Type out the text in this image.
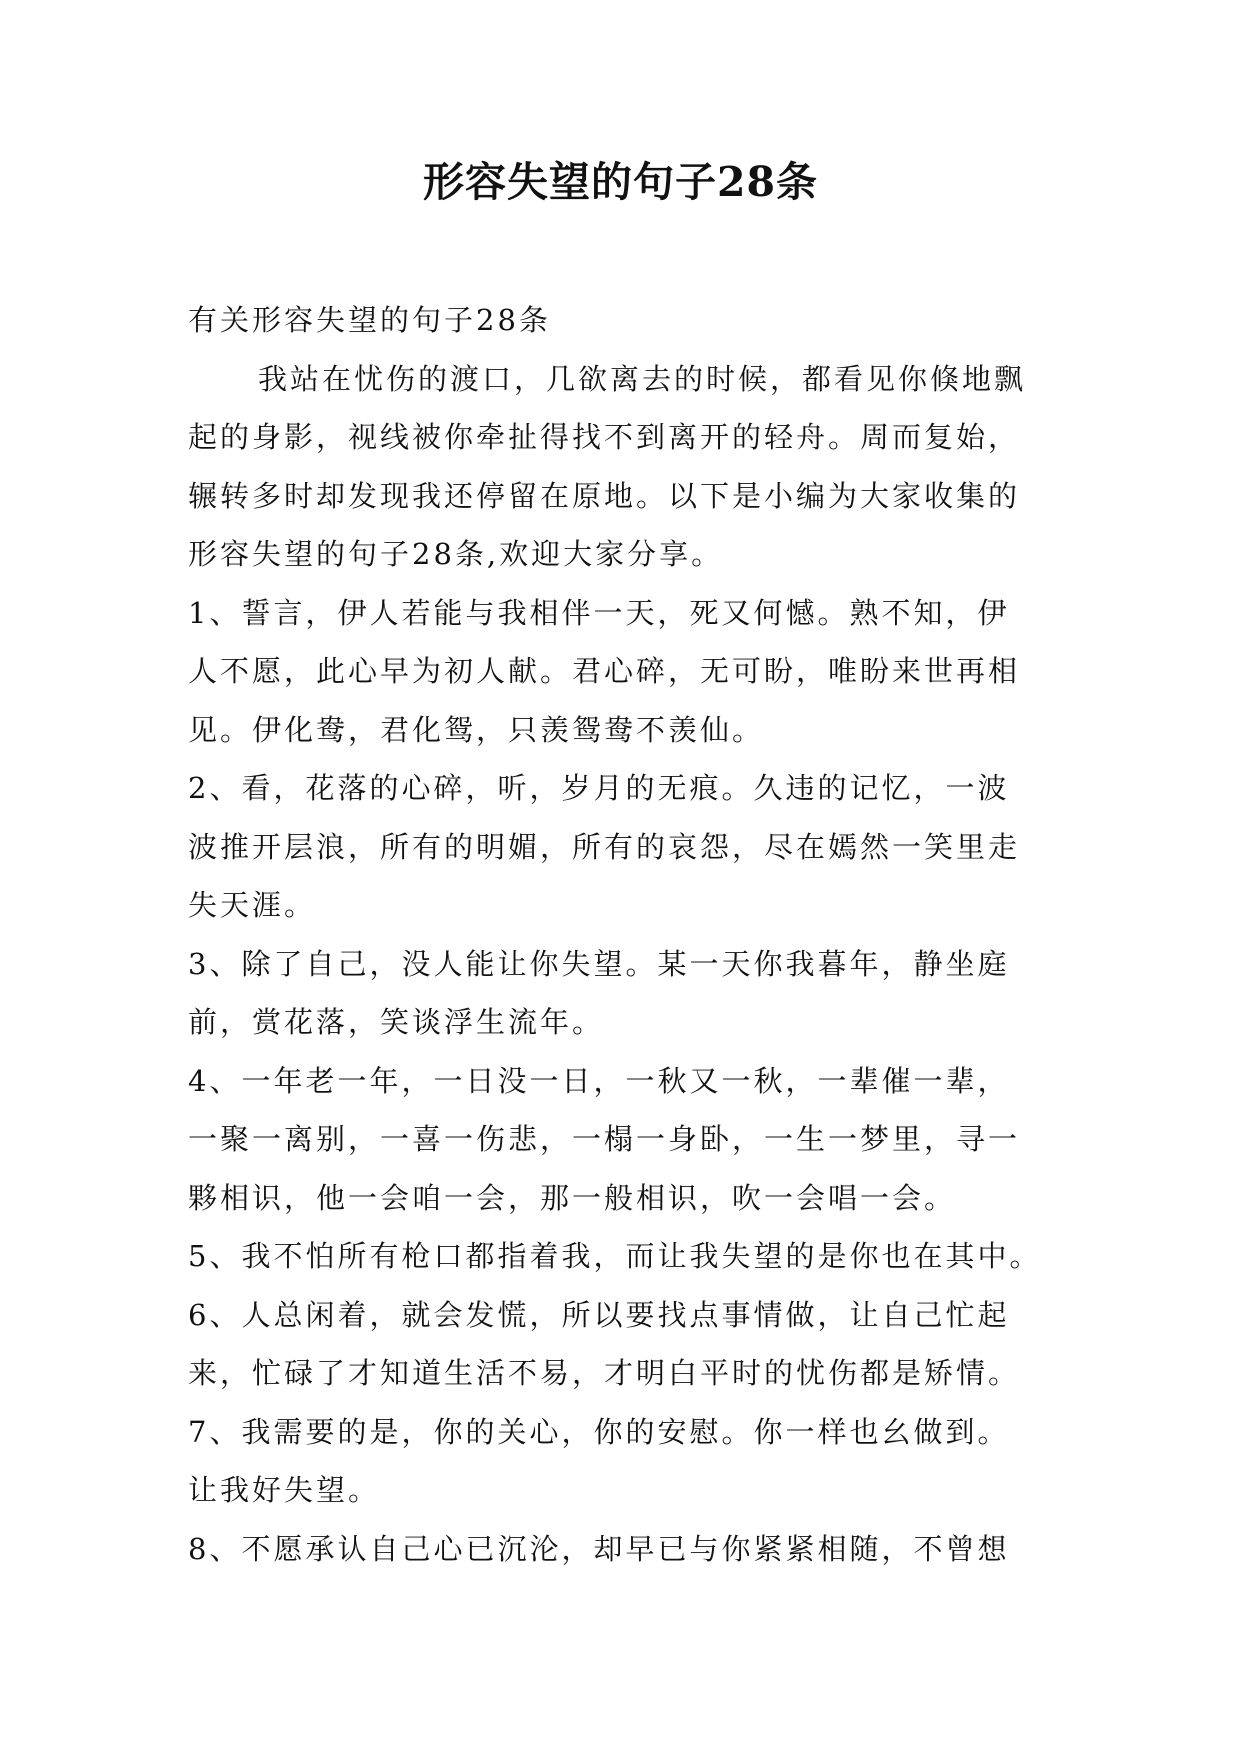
形容失望的句子28条

有关形容失望的句子28条

我站在忧伤的渡口，几欲离去的时候，都看见你倏地飘

起的身影，视线被你牵扯得找不到离开的轻舟。周而复始，

辗转多时却发现我还停留在原地。以下是小编为大家收集的

形容失望的句子28条,欢迎大家分享。

1、誓言，伊人若能与我相伴一天，死又何憾。熟不知，伊

人不愿，此心早为初人献。君心碎，无可盼，唯盼来世再相

见。伊化鸯，君化鸳，只羡鸳鸯不羡仙。

2、看，花落的心碎，听，岁月的无痕。久违的记忆，一波

波推开层浪，所有的明媚，所有的哀怨，尽在嫣然一笑里走

失天涯。

3、除了自己，没人能让你失望。某一天你我暮年，静坐庭

前，赏花落，笑谈浮生流年。

4、一年老一年，一日没一日，一秋又一秋，一辈催一辈，

一聚一离别，一喜一伤悲，一榻一身卧，一生一梦里，寻一

夥相识，他一会咱一会，那一般相识，吹一会唱一会。

5、我不怕所有枪口都指着我，而让我失望的是你也在其中。

6、人总闲着，就会发慌，所以要找点事情做，让自己忙起

来，忙碌了才知道生活不易，才明白平时的忧伤都是矫情。

7、我需要的是，你的关心，你的安慰。你一样也幺做到。

让我好失望。

8、不愿承认自己心已沉沦，却早已与你紧紧相随，不曾想
